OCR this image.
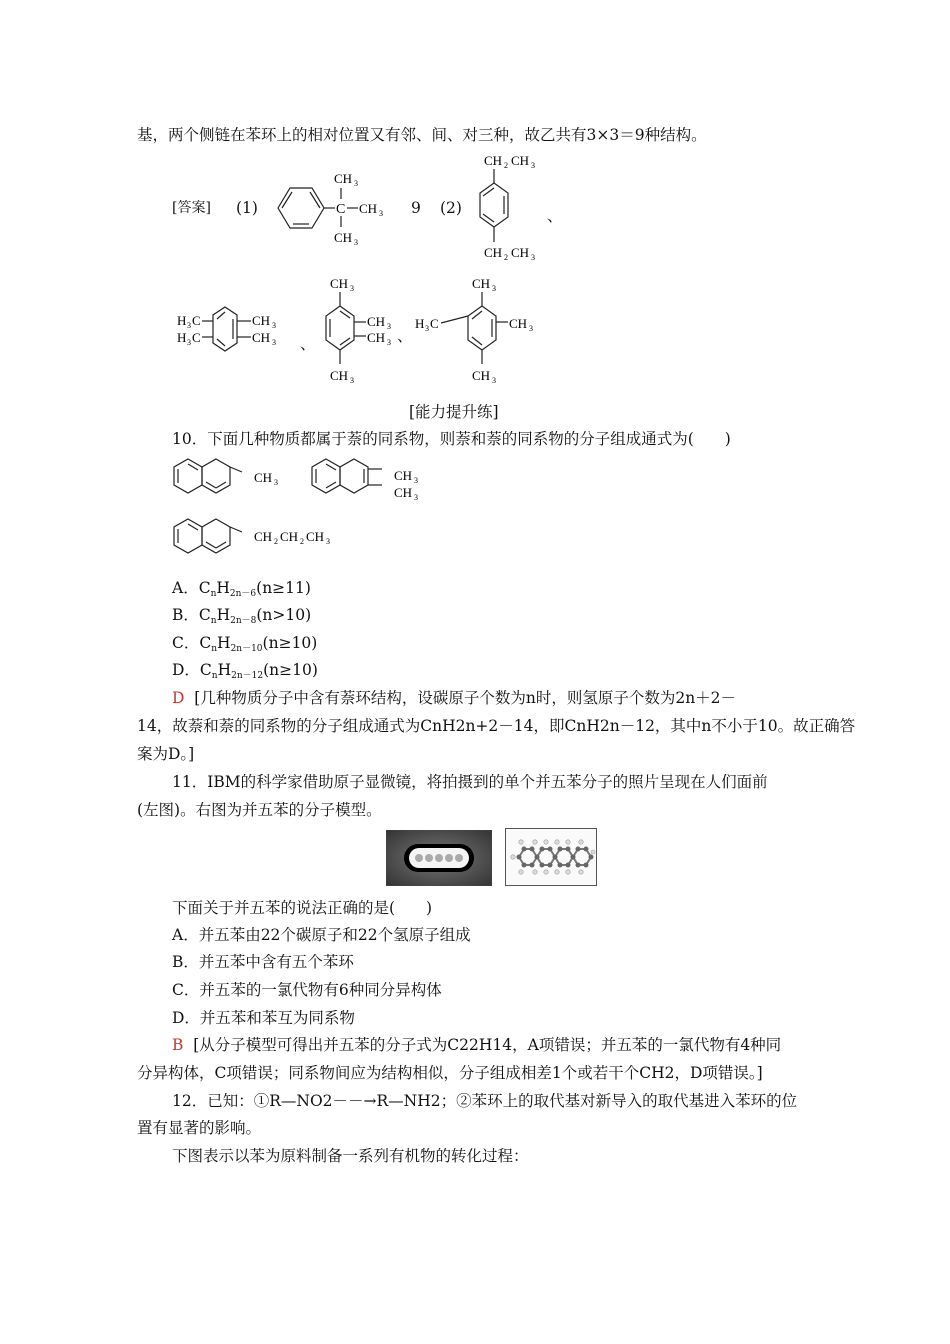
基，两个侧链在苯环上的相对位置又有邻、间、对三种，故乙共有3×3＝9种结构。
[答案] (1)	9 (2)	、
C
CH 3
CH 3
CH 3
CH 2 CH 3
CH 2 CH 3
H 3 C
H 3 C
CH 3
CH 3 、
CH 3
CH 3
CH 3
CH 3
、
CH 3
H 3 C	CH 3
CH 3
[能力提升练]
10．下面几种物质都属于萘的同系物，则萘和萘的同系物的分子组成通式为(　　)
CH 3	CH 3
CH 3
CH 2 CH 2 CH 3
A．$C_nH_{2n-6}(n\ge 11)$
B．$C_nH_{2n-8}(n>10)$
C．$C_nH_{2n-10}(n\ge 10)$
D．$C_nH_{2n-12}(n\ge 10)$
D [几种物质分子中含有萘环结构，设碳原子个数为n时，则氢原子个数为2n＋2－
14，故萘和萘的同系物的分子组成通式为CnH2n+2－14，即CnH2n－12，其中n不小于10。故正确答
案为D。]
11．IBM的科学家借助原子显微镜，将拍摄到的单个并五苯分子的照片呈现在人们面前
(左图)。右图为并五苯的分子模型。
下面关于并五苯的说法正确的是(　　)
A．并五苯由22个碳原子和22个氢原子组成
B．并五苯中含有五个苯环
C．并五苯的一氯代物有6种同分异构体
D．并五苯和苯互为同系物
B [从分子模型可得出并五苯的分子式为C22H14，A项错误；并五苯的一氯代物有4种同
分异构体，C项错误；同系物间应为结构相似，分子组成相差1个或若干个CH2，D项错误。]
12．已知：①R—NO2－－→R—NH2；②苯环上的取代基对新导入的取代基进入苯环的位
置有显著的影响。
下图表示以苯为原料制备一系列有机物的转化过程：
